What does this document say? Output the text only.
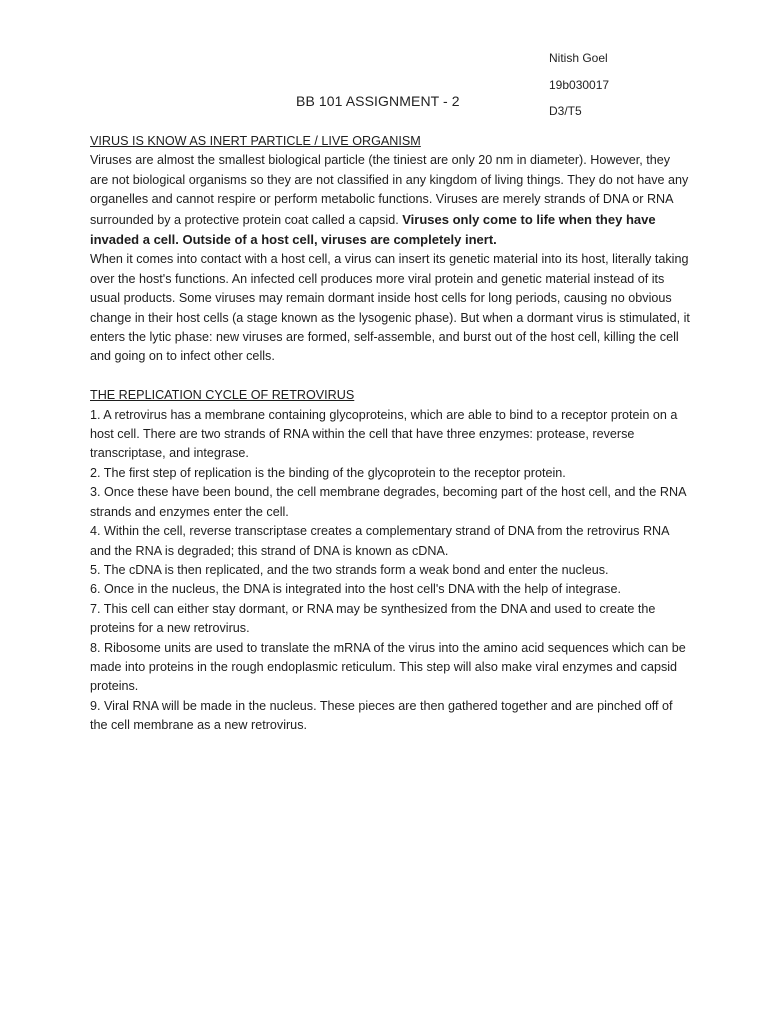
Nitish Goel
19b030017
D3/T5
BB 101 ASSIGNMENT - 2

VIRUS IS KNOW AS INERT PARTICLE / LIVE ORGANISM

Viruses are almost the smallest biological particle (the tiniest are only 20 nm in diameter). However, they are not biological organisms so they are not classified in any kingdom of living things. They do not have any organelles and cannot respire or perform metabolic functions. Viruses are merely strands of DNA or RNA surrounded by a protective protein coat called a capsid. Viruses only come to life when they have invaded a cell. Outside of a host cell, viruses are completely inert.

When it comes into contact with a host cell, a virus can insert its genetic material into its host, literally taking over the host's functions. An infected cell produces more viral protein and genetic material instead of its usual products. Some viruses may remain dormant inside host cells for long periods, causing no obvious change in their host cells (a stage known as the lysogenic phase). But when a dormant virus is stimulated, it enters the lytic phase: new viruses are formed, self-assemble, and burst out of the host cell, killing the cell and going on to infect other cells.

THE REPLICATION CYCLE OF RETROVIRUS

1. A retrovirus has a membrane containing glycoproteins, which are able to bind to a receptor protein on a host cell. There are two strands of RNA within the cell that have three enzymes: protease, reverse transcriptase, and integrase.
2. The first step of replication is the binding of the glycoprotein to the receptor protein.
3. Once these have been bound, the cell membrane degrades, becoming part of the host cell, and the RNA strands and enzymes enter the cell.
4. Within the cell, reverse transcriptase creates a complementary strand of DNA from the retrovirus RNA and the RNA is degraded; this strand of DNA is known as cDNA.
5. The cDNA is then replicated, and the two strands form a weak bond and enter the nucleus.
6. Once in the nucleus, the DNA is integrated into the host cell's DNA with the help of integrase.
7. This cell can either stay dormant, or RNA may be synthesized from the DNA and used to create the proteins for a new retrovirus.
8. Ribosome units are used to translate the mRNA of the virus into the amino acid sequences which can be made into proteins in the rough endoplasmic reticulum. This step will also make viral enzymes and capsid proteins.
9. Viral RNA will be made in the nucleus. These pieces are then gathered together and are pinched off of the cell membrane as a new retrovirus.
